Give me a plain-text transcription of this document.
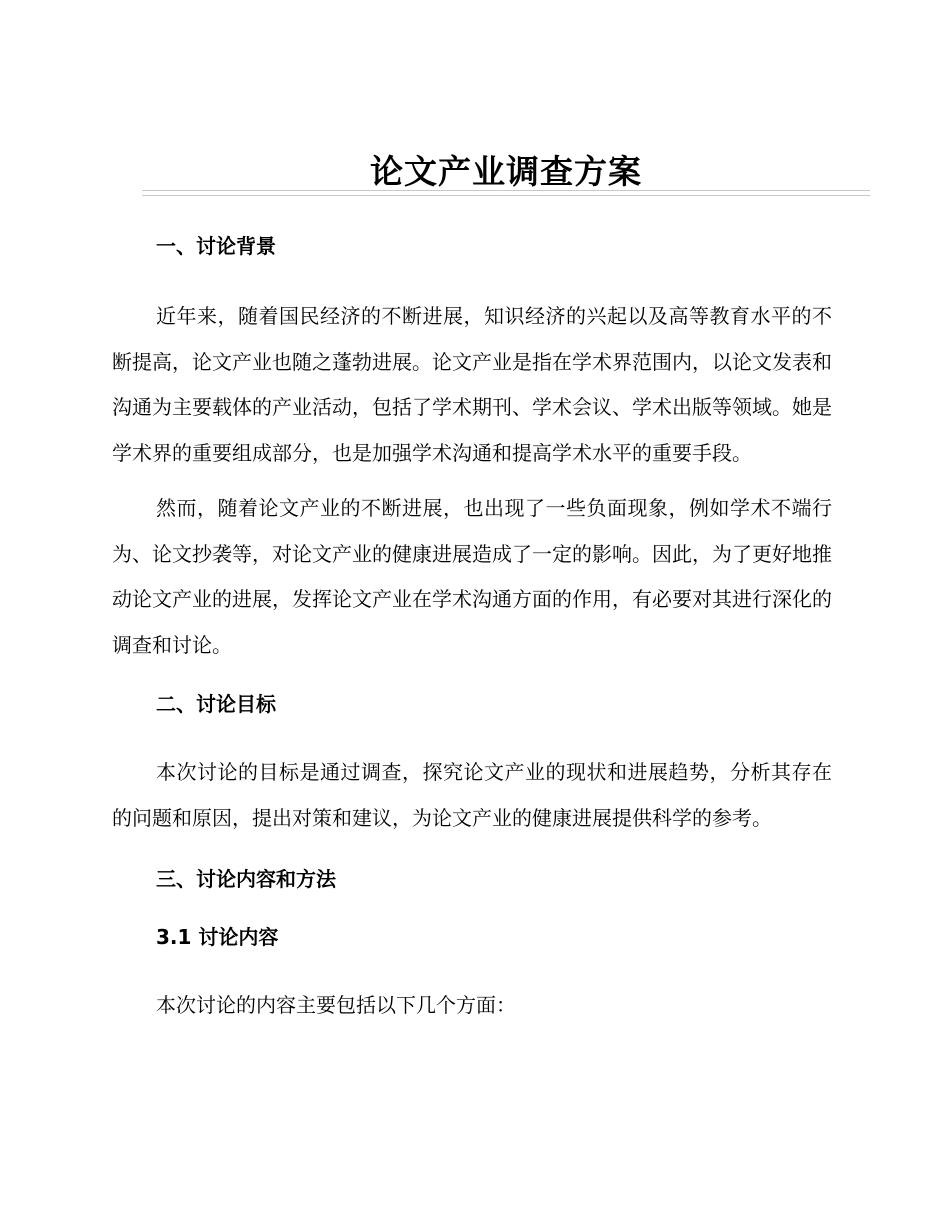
论文产业调查方案
一、讨论背景

近年来，随着国民经济的不断进展，知识经济的兴起以及高等教育水平的不断提高，论文产业也随之蓬勃进展。论文产业是指在学术界范围内，以论文发表和沟通为主要载体的产业活动，包括了学术期刊、学术会议、学术出版等领域。她是学术界的重要组成部分，也是加强学术沟通和提高学术水平的重要手段。

然而，随着论文产业的不断进展，也出现了一些负面现象，例如学术不端行为、论文抄袭等，对论文产业的健康进展造成了一定的影响。因此，为了更好地推动论文产业的进展，发挥论文产业在学术沟通方面的作用，有必要对其进行深化的调查和讨论。

二、讨论目标

本次讨论的目标是通过调查，探究论文产业的现状和进展趋势，分析其存在的问题和原因，提出对策和建议，为论文产业的健康进展提供科学的参考。

三、讨论内容和方法
3.1 讨论内容

本次讨论的内容主要包括以下几个方面：
